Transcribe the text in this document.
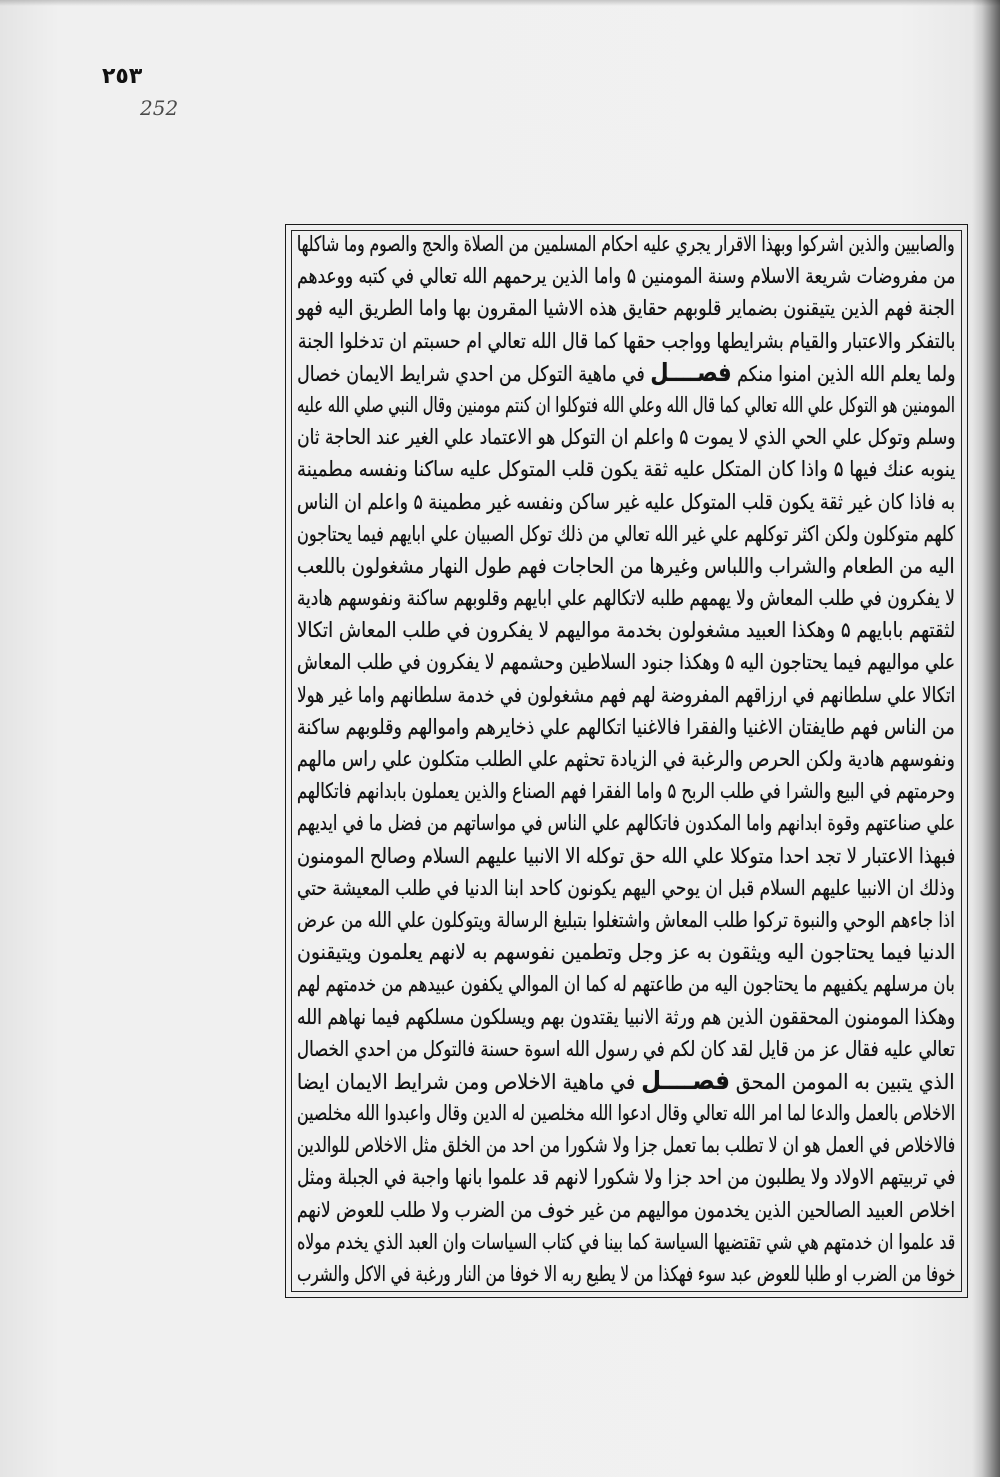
٢٥٣
252
والصابيين والذين اشركوا وبهذا الاقرار يجري عليه احكام المسلمين من الصلاة والحج والصوم وما شاكلها
من مفروضات شريعة الاسلام وسنة المومنين ۵ واما الذين يرحمهم الله تعالي في كتبه ووعدهم
الجنة فهم الذين يتيقنون بضماير قلوبهم حقايق هذه الاشيا المقرون بها واما الطريق اليه فهو
بالتفكر والاعتبار والقيام بشرايطها وواجب حقها كما قال الله تعالي ام حسبتم ان تدخلوا الجنة
ولما يعلم الله الذين امنوا منكم فصــــل في ماهية التوكل من احدي شرايط الايمان خصال
المومنين هو التوكل علي الله تعالي كما قال الله وعلي الله فتوكلوا ان كنتم مومنين وقال النبي صلي الله عليه
وسلم وتوكل علي الحي الذي لا يموت ۵ واعلم ان التوكل هو الاعتماد علي الغير عند الحاجة ثان
ينوبه عنك فيها ۵ واذا كان المتكل عليه ثقة يكون قلب المتوكل عليه ساكنا ونفسه مطمينة
به فاذا كان غير ثقة يكون قلب المتوكل عليه غير ساكن ونفسه غير مطمينة ۵ واعلم ان الناس
كلهم متوكلون ولكن اكثر توكلهم علي غير الله تعالي من ذلك توكل الصبيان علي ابايهم فيما يحتاجون
اليه من الطعام والشراب واللباس وغيرها من الحاجات فهم طول النهار مشغولون باللعب
لا يفكرون في طلب المعاش ولا يهمهم طلبه لاتكالهم علي ابايهم وقلوبهم ساكنة ونفوسهم هادية
لثقتهم بابايهم ۵ وهكذا العبيد مشغولون بخدمة مواليهم لا يفكرون في طلب المعاش اتكالا
علي مواليهم فيما يحتاجون اليه ۵ وهكذا جنود السلاطين وحشمهم لا يفكرون في طلب المعاش
اتكالا علي سلطانهم في ارزاقهم المفروضة لهم فهم مشغولون في خدمة سلطانهم واما غير هولا
من الناس فهم طايفتان الاغنيا والفقرا فالاغنيا اتكالهم علي ذخايرهم واموالهم وقلوبهم ساكنة
ونفوسهم هادية ولكن الحرص والرغبة في الزيادة تحثهم علي الطلب متكلون علي راس مالهم
وحرمتهم في البيع والشرا في طلب الربح ۵ واما الفقرا فهم الصناع والذين يعملون بابدانهم فاتكالهم
علي صناعتهم وقوة ابدانهم واما المكدون فاتكالهم علي الناس في مواساتهم من فضل ما في ايديهم
فبهذا الاعتبار لا تجد احدا متوكلا علي الله حق توكله الا الانبيا عليهم السلام وصالح المومنون
وذلك ان الانبيا عليهم السلام قبل ان يوحي اليهم يكونون كاحد ابنا الدنيا في طلب المعيشة حتي
اذا جاءهم الوحي والنبوة تركوا طلب المعاش واشتغلوا بتبليغ الرسالة ويتوكلون علي الله من عرض
الدنيا فيما يحتاجون اليه ويثقون به عز وجل وتطمين نفوسهم به لانهم يعلمون ويتيقنون
بان مرسلهم يكفيهم ما يحتاجون اليه من طاعتهم له كما ان الموالي يكفون عبيدهم من خدمتهم لهم
وهكذا المومنون المحققون الذين هم ورثة الانبيا يقتدون بهم ويسلكون مسلكهم فيما نهاهم الله
تعالي عليه فقال عز من قايل لقد كان لكم في رسول الله اسوة حسنة فالتوكل من احدي الخصال
الذي يتبين به المومن المحق فصــــل في ماهية الاخلاص ومن شرايط الايمان ايضا
الاخلاص بالعمل والدعا لما امر الله تعالي وقال ادعوا الله مخلصين له الدين وقال واعبدوا الله مخلصين
فالاخلاص في العمل هو ان لا تطلب بما تعمل جزا ولا شكورا من احد من الخلق مثل الاخلاص للوالدين
في تربيتهم الاولاد ولا يطلبون من احد جزا ولا شكورا لانهم قد علموا بانها واجبة في الجبلة ومثل
اخلاص العبيد الصالحين الذين يخدمون مواليهم من غير خوف من الضرب ولا طلب للعوض لانهم
قد علموا ان خدمتهم هي شي تقتضيها السياسة كما بينا في كتاب السياسات وان العبد الذي يخدم مولاه
خوفا من الضرب او طلبا للعوض عبد سوء فهكذا من لا يطيع ربه الا خوفا من النار ورغبة في الاكل والشرب
